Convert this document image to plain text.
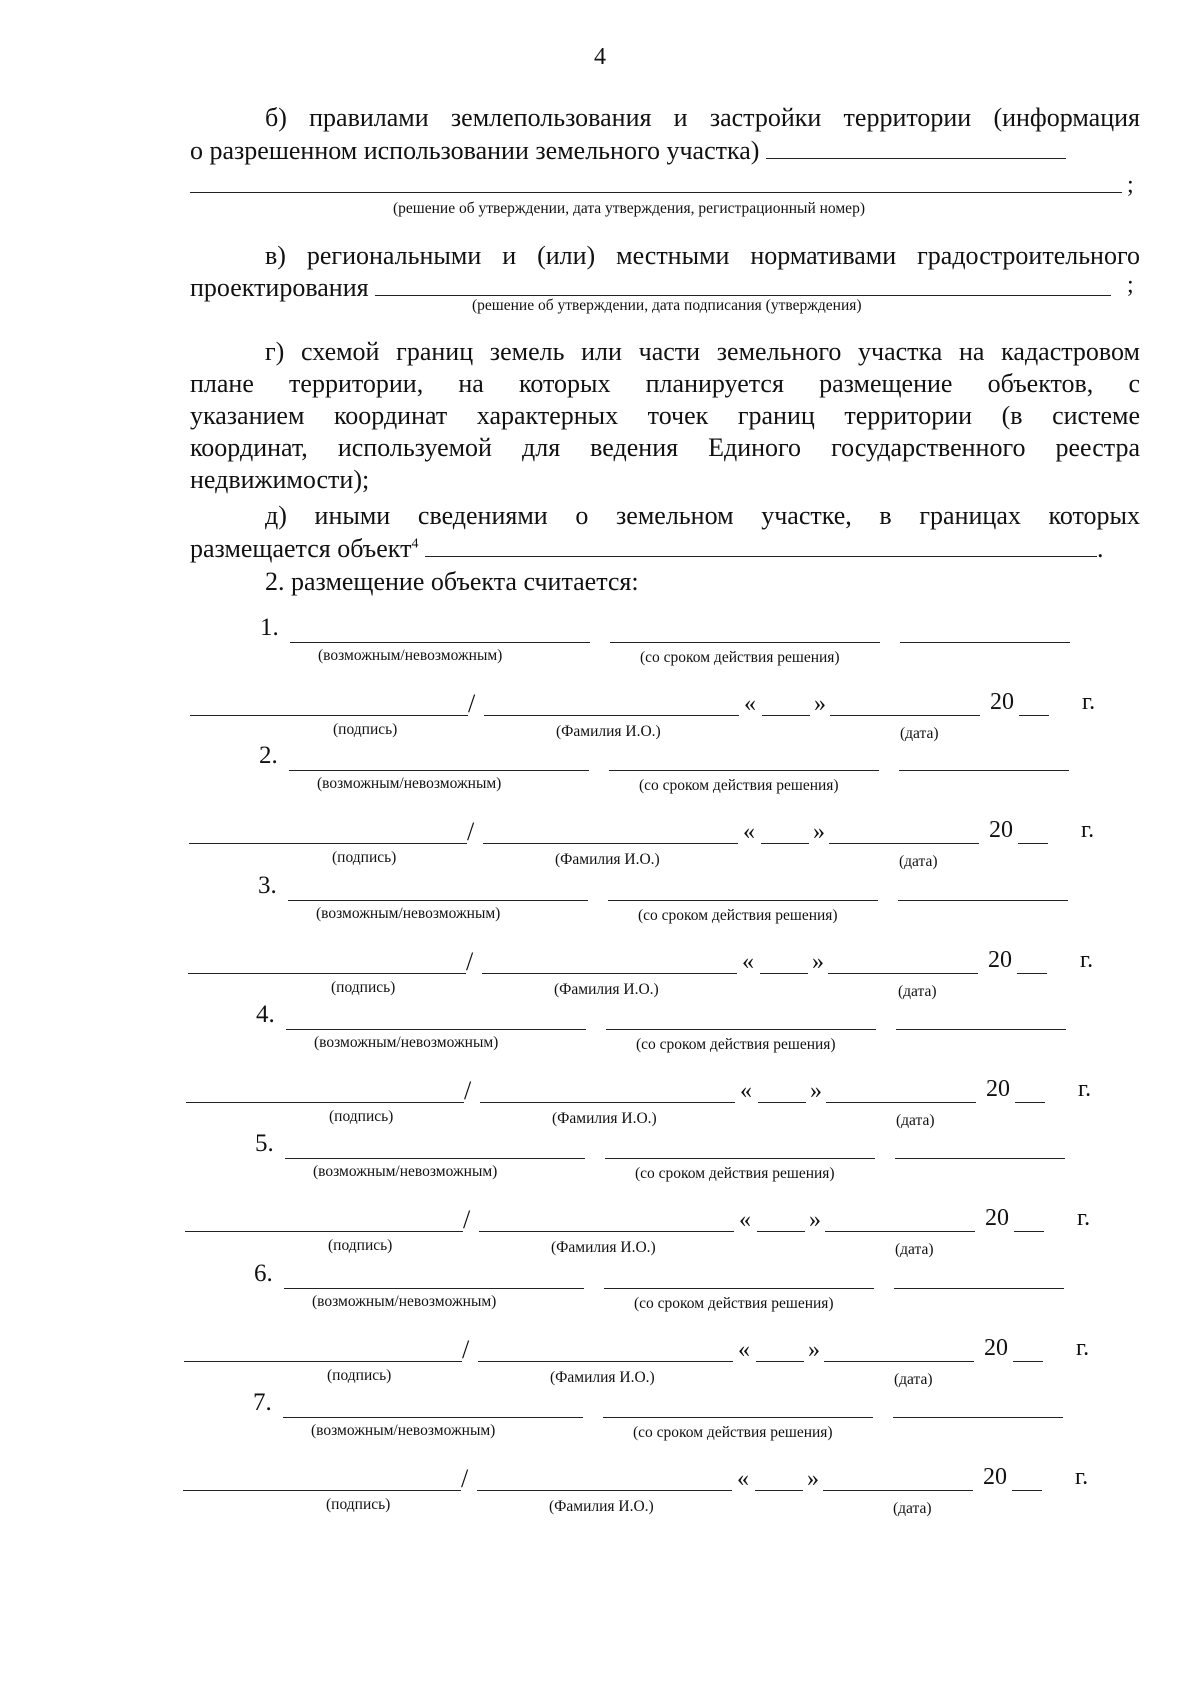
4
б) правилами землепользования и застройки территории (информация
о разрешенном использовании земельного участка)
;
(решение об утверждении, дата утверждения, регистрационный номер)
в) региональными и (или) местными нормативами градостроительного
проектирования	;
(решение об утверждении, дата подписания (утверждения)
г) схемой границ земель или части земельного участка на кадастровом
плане территории, на которых планируется размещение объектов, с
указанием координат характерных точек границ территории (в системе
координат, используемой для ведения Единого государственного реестра
недвижимости);
д) иными сведениями о земельном участке, в границах которых
размещается объект$^4$	.
2. размещение объекта считается:
1.
(возможным/невозможным)	(со сроком действия решения)
/	« »	20	г.
(подпись)	(Фамилия И.О.)	(дата)
2.
(возможным/невозможным)	(со сроком действия решения)
/	« »	20	г.
(подпись)	(Фамилия И.О.)	(дата)
3.
(возможным/невозможным)	(со сроком действия решения)
/	« »	20	г.
(подпись)	(Фамилия И.О.)	(дата)
4.
(возможным/невозможным)	(со сроком действия решения)
/	« »	20	г.
(подпись)	(Фамилия И.О.)	(дата)
5.
(возможным/невозможным)	(со сроком действия решения)
/	« »	20	г.
(подпись)	(Фамилия И.О.)	(дата)
6.
(возможным/невозможным)	(со сроком действия решения)
/	« »	20	г.
(подпись)	(Фамилия И.О.)	(дата)
7.
(возможным/невозможным)	(со сроком действия решения)
/	« »	20	г.
(подпись)	(Фамилия И.О.)	(дата)
